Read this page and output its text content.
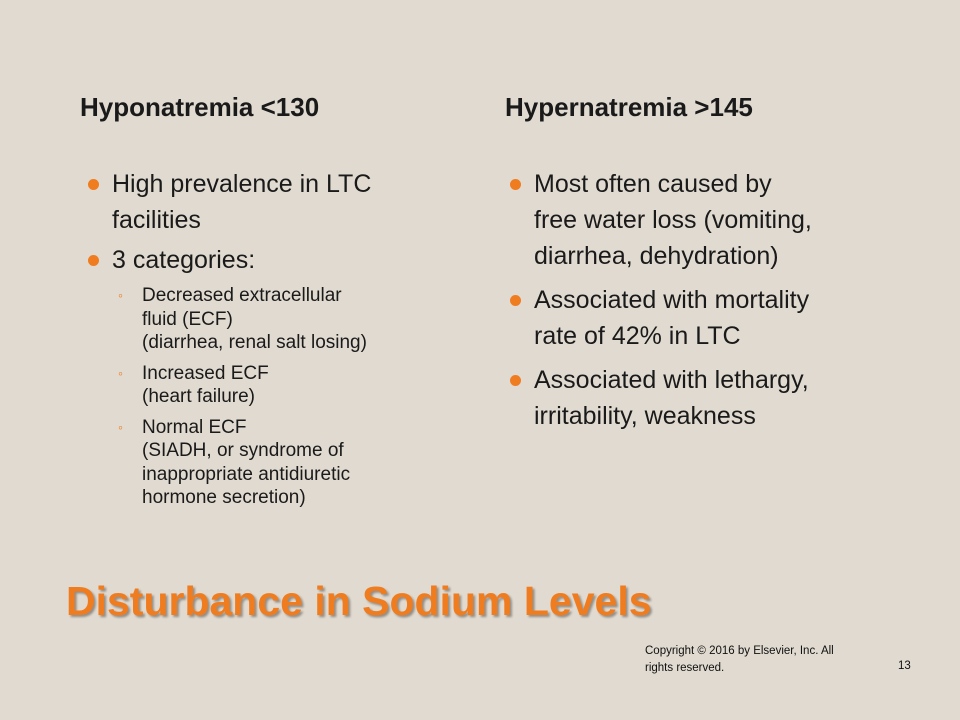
Hyponatremia <130	Hypernatremia >145
High prevalence in LTC
facilities
3 categories:
◦ Decreased extracellular
fluid (ECF)
(diarrhea, renal salt losing)
◦ Increased ECF
(heart failure)
◦ Normal ECF
(SIADH, or syndrome of
inappropriate antidiuretic
hormone secretion)
Most often caused by
free water loss (vomiting,
diarrhea, dehydration)
Associated with mortality
rate of 42% in LTC
Associated with lethargy,
irritability, weakness
Disturbance in Sodium Levels
Copyright © 2016 by Elsevier, Inc. All
rights reserved.	13
